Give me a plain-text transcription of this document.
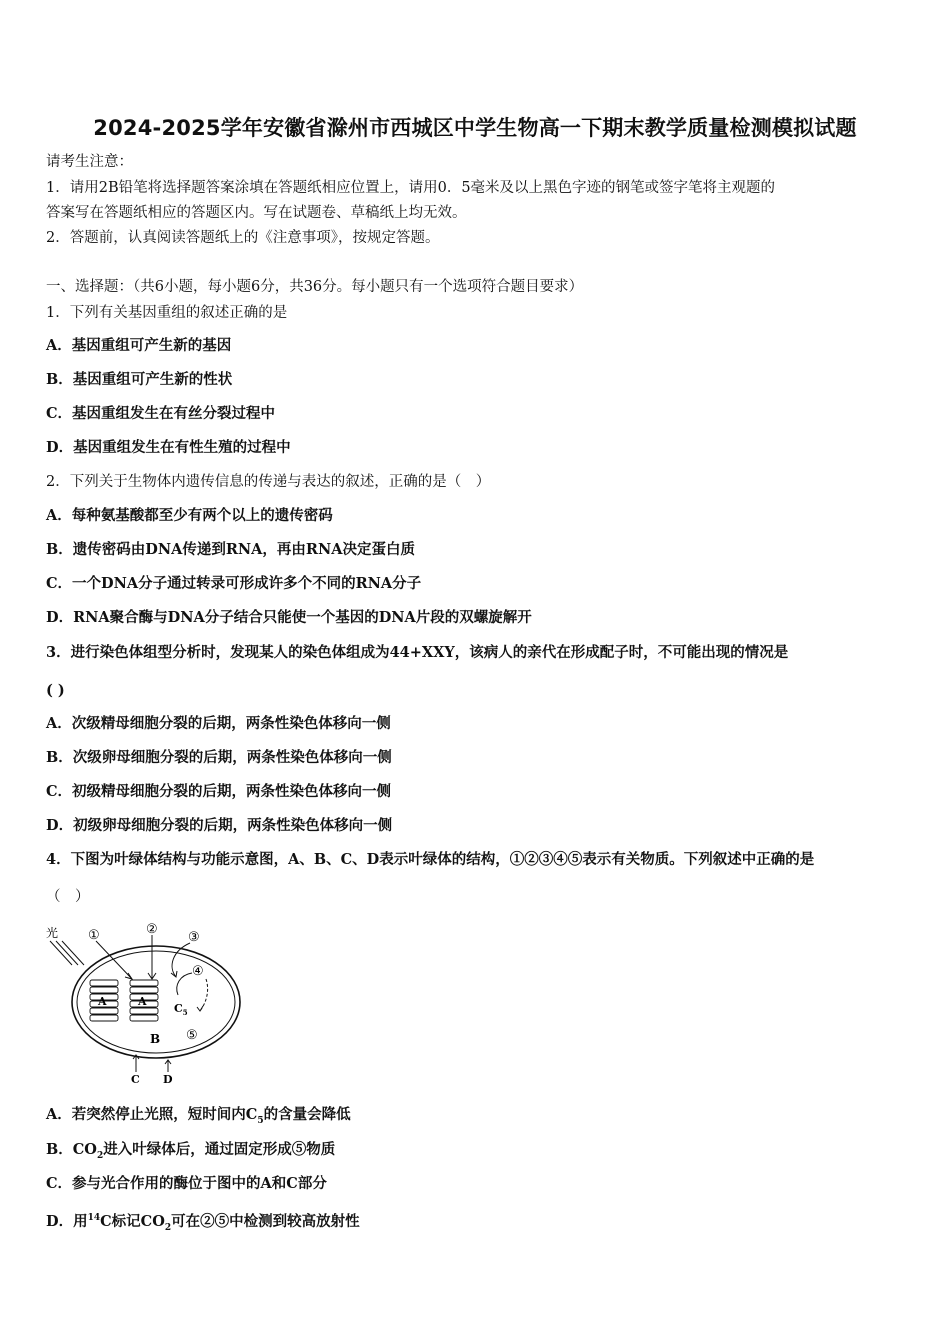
2024-2025学年安徽省滁州市西城区中学生物高一下期末教学质量检测模拟试题
请考生注意：
1．请用2B铅笔将选择题答案涂填在答题纸相应位置上，请用0．5毫米及以上黑色字迹的钢笔或签字笔将主观题的
答案写在答题纸相应的答题区内。写在试题卷、草稿纸上均无效。
2．答题前，认真阅读答题纸上的《注意事项》，按规定答题。
一、选择题：（共6小题，每小题6分，共36分。每小题只有一个选项符合题目要求）
1．下列有关基因重组的叙述正确的是
A．基因重组可产生新的基因
B．基因重组可产生新的性状
C．基因重组发生在有丝分裂过程中
D．基因重组发生在有性生殖的过程中
2．下列关于生物体内遗传信息的传递与表达的叙述，正确的是（　）
A．每种氨基酸都至少有两个以上的遗传密码
B．遗传密码由DNA传递到RNA，再由RNA决定蛋白质
C．一个DNA分子通过转录可形成许多个不同的RNA分子
D．RNA聚合酶与DNA分子结合只能使一个基因的DNA片段的双螺旋解开
3．进行染色体组型分析时，发现某人的染色体组成为44+XXY，该病人的亲代在形成配子时，不可能出现的情况是
( )
A．次级精母细胞分裂的后期，两条性染色体移向一侧
B．次级卵母细胞分裂的后期，两条性染色体移向一侧
C．初级精母细胞分裂的后期，两条性染色体移向一侧
D．初级卵母细胞分裂的后期，两条性染色体移向一侧
4．下图为叶绿体结构与功能示意图，A、B、C、D表示叶绿体的结构，①②③④⑤表示有关物质。下列叙述中正确的是
（　）
光
A	A
①	②
③
④
⑤
$C_5$
B
C D
A．若突然停止光照，短时间内$C_5$的含量会降低
B．$CO_2$进入叶绿体后，通过固定形成⑤物质
C．参与光合作用的酶位于图中的A和C部分
D．用$^{14}$C标记$CO_2$可在②⑤中检测到较高放射性
